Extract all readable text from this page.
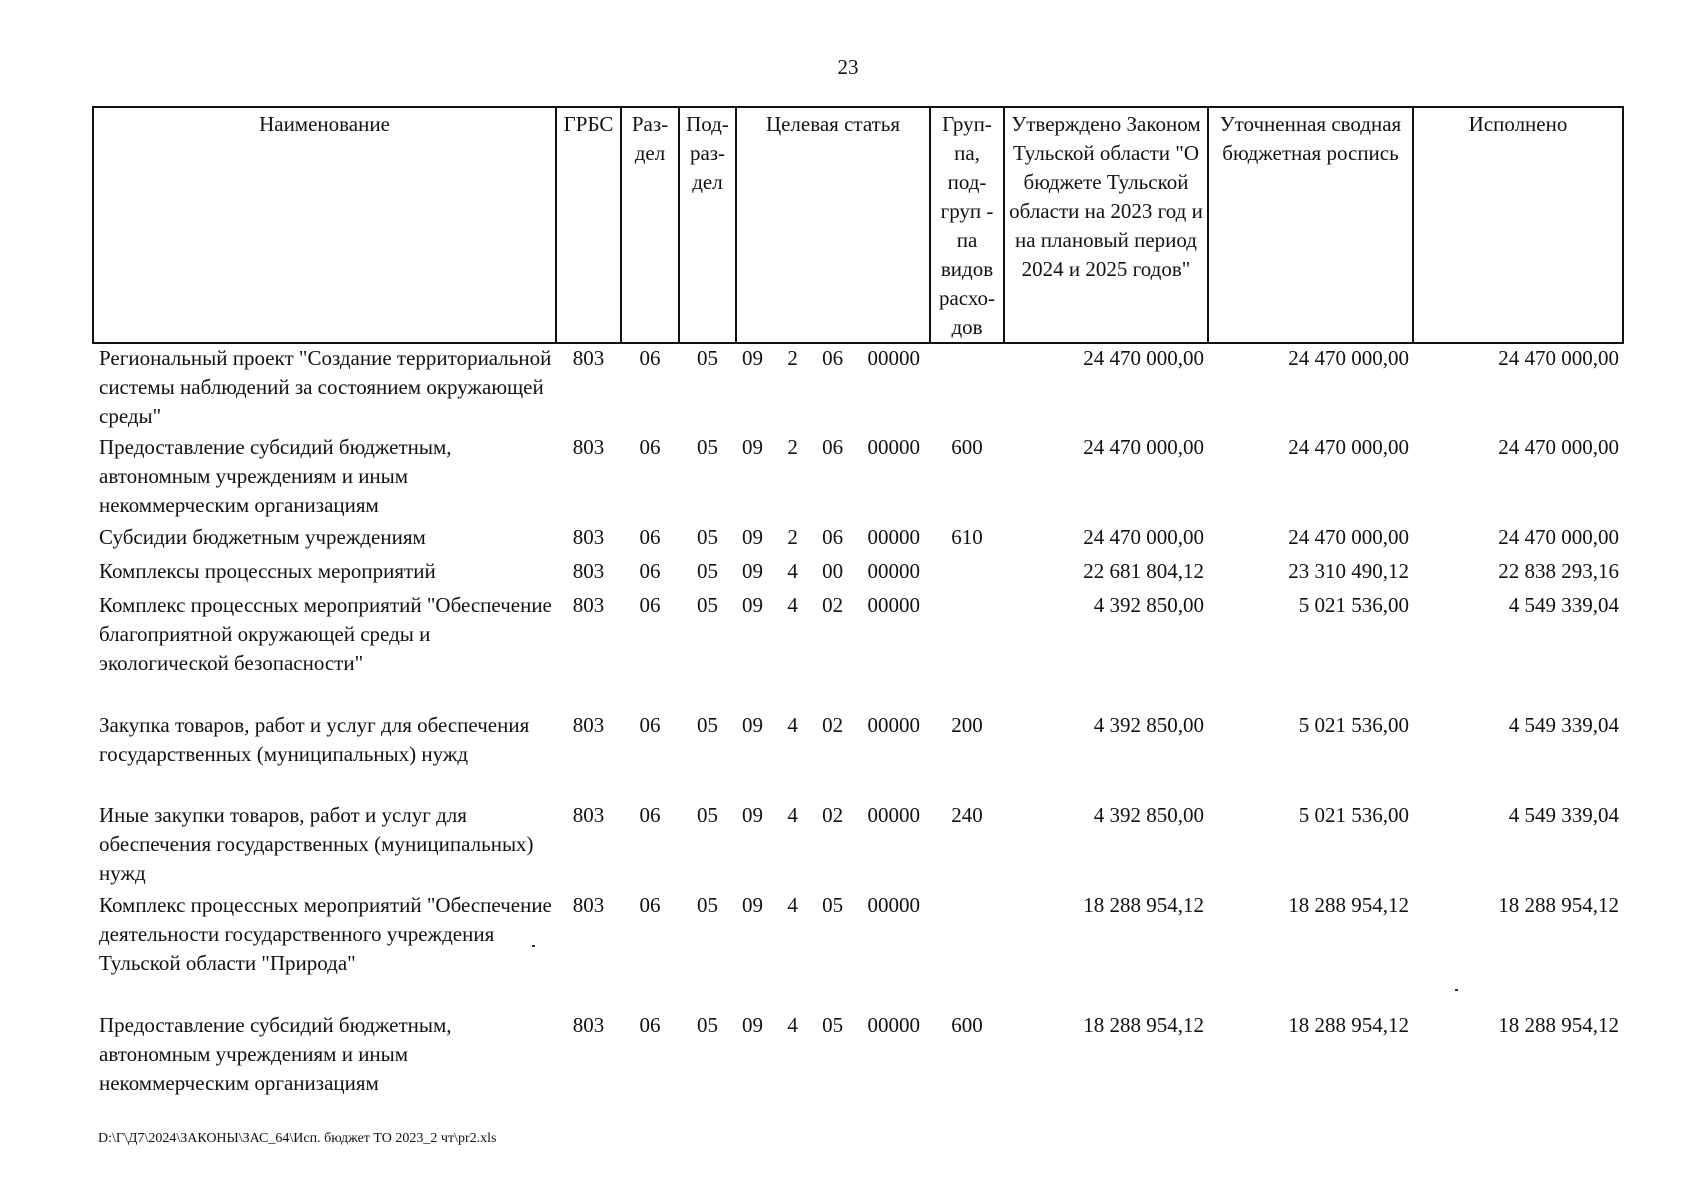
23
Наименование	ГРБС	Раз-дел	Под-раз-дел	Целевая статья	Груп-па, под-груп - па видов расхо-дов	Утверждено Законом Тульской области "О бюджете Тульской области на 2023 год и на плановый период 2024 и 2025 годов"	Уточненная сводная бюджетная роспись	Исполнено
Региональный проект "Создание территориальной системы наблюдений за состоянием окружающей среды"	803	06	05	09 2 06 00000		24 470 000,00	24 470 000,00	24 470 000,00
Предоставление субсидий бюджетным, автономным учреждениям и иным некоммерческим организациям	803	06	05	09 2 06 00000	600	24 470 000,00	24 470 000,00	24 470 000,00
Субсидии бюджетным учреждениям	803	06	05	09 2 06 00000	610	24 470 000,00	24 470 000,00	24 470 000,00
Комплексы процессных мероприятий	803	06	05	09 4 00 00000		22 681 804,12	23 310 490,12	22 838 293,16
Комплекс процессных мероприятий "Обеспечение благоприятной окружающей среды и экологической безопасности"	803	06	05	09 4 02 00000		4 392 850,00	5 021 536,00	4 549 339,04
Закупка товаров, работ и услуг для обеспечения государственных (муниципальных) нужд	803	06	05	09 4 02 00000	200	4 392 850,00	5 021 536,00	4 549 339,04
Иные закупки товаров, работ и услуг для обеспечения государственных (муниципальных) нужд	803	06	05	09 4 02 00000	240	4 392 850,00	5 021 536,00	4 549 339,04
Комплекс процессных мероприятий "Обеспечение деятельности государственного учреждения Тульской области "Природа"	803	06	05	09 4 05 00000		18 288 954,12	18 288 954,12	18 288 954,12
Предоставление субсидий бюджетным, автономным учреждениям и иным некоммерческим организациям	803	06	05	09 4 05 00000	600	18 288 954,12	18 288 954,12	18 288 954,12
D:\Г\Д7\2024\ЗАКОНЫ\ЗАС_64\Исп. бюджет ТО 2023_2 чт\pr2.xls
